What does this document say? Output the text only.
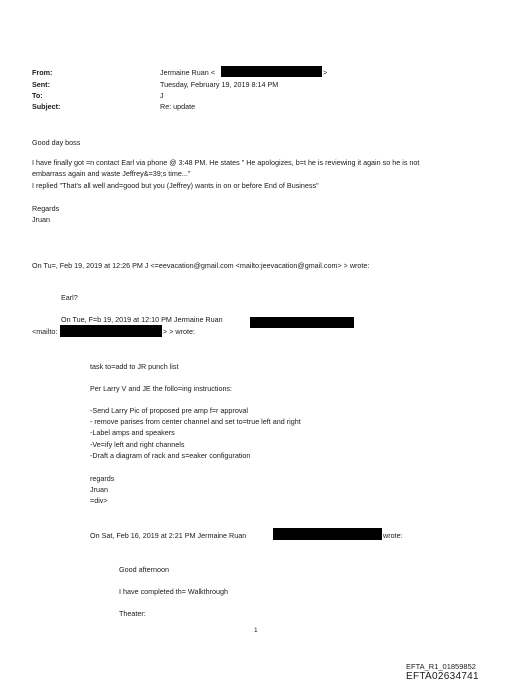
From:	Jermaine Ruan <	>
Sent:	Tuesday, February 19, 2019 8:14 PM
To:	J
Subject:	Re: update
Good day boss
I have finally got =n contact Earl via phone @ 3:48 PM. He states " He apologizes, b=t he is reviewing it again so he is not
embarrass again and waste Jeffrey&=39;s time..."
I replied "That's all well and=good but you (Jeffrey) wants in on or before End of Business"
Regards
Jruan
On Tu=, Feb 19, 2019 at 12:26 PM J <=eevacation@gmail.com <mailto:jeevacation@gmail.com> > wrote:
Earl?
On Tue, F=b 19, 2019 at 12:10 PM Jermaine Ruan
<mailto:	> > wrote:
task to=add to JR punch list
Per Larry V and JE the follo=ing instructions:
-Send Larry Pic of proposed pre amp f=r approval
- remove parises from center channel and set to=true left and right
-Label amps and speakers
-Ve=ify left and right channels
-Draft a diagram of rack and s=eaker configuration
regards
Jruan
=div>
On Sat, Feb 16, 2019 at 2:21 PM Jermaine Ruan	wrote:
Good afternoon
I have completed th= Walkthrough
Theater:
1
EFTA_R1_01859852
EFTA02634741
